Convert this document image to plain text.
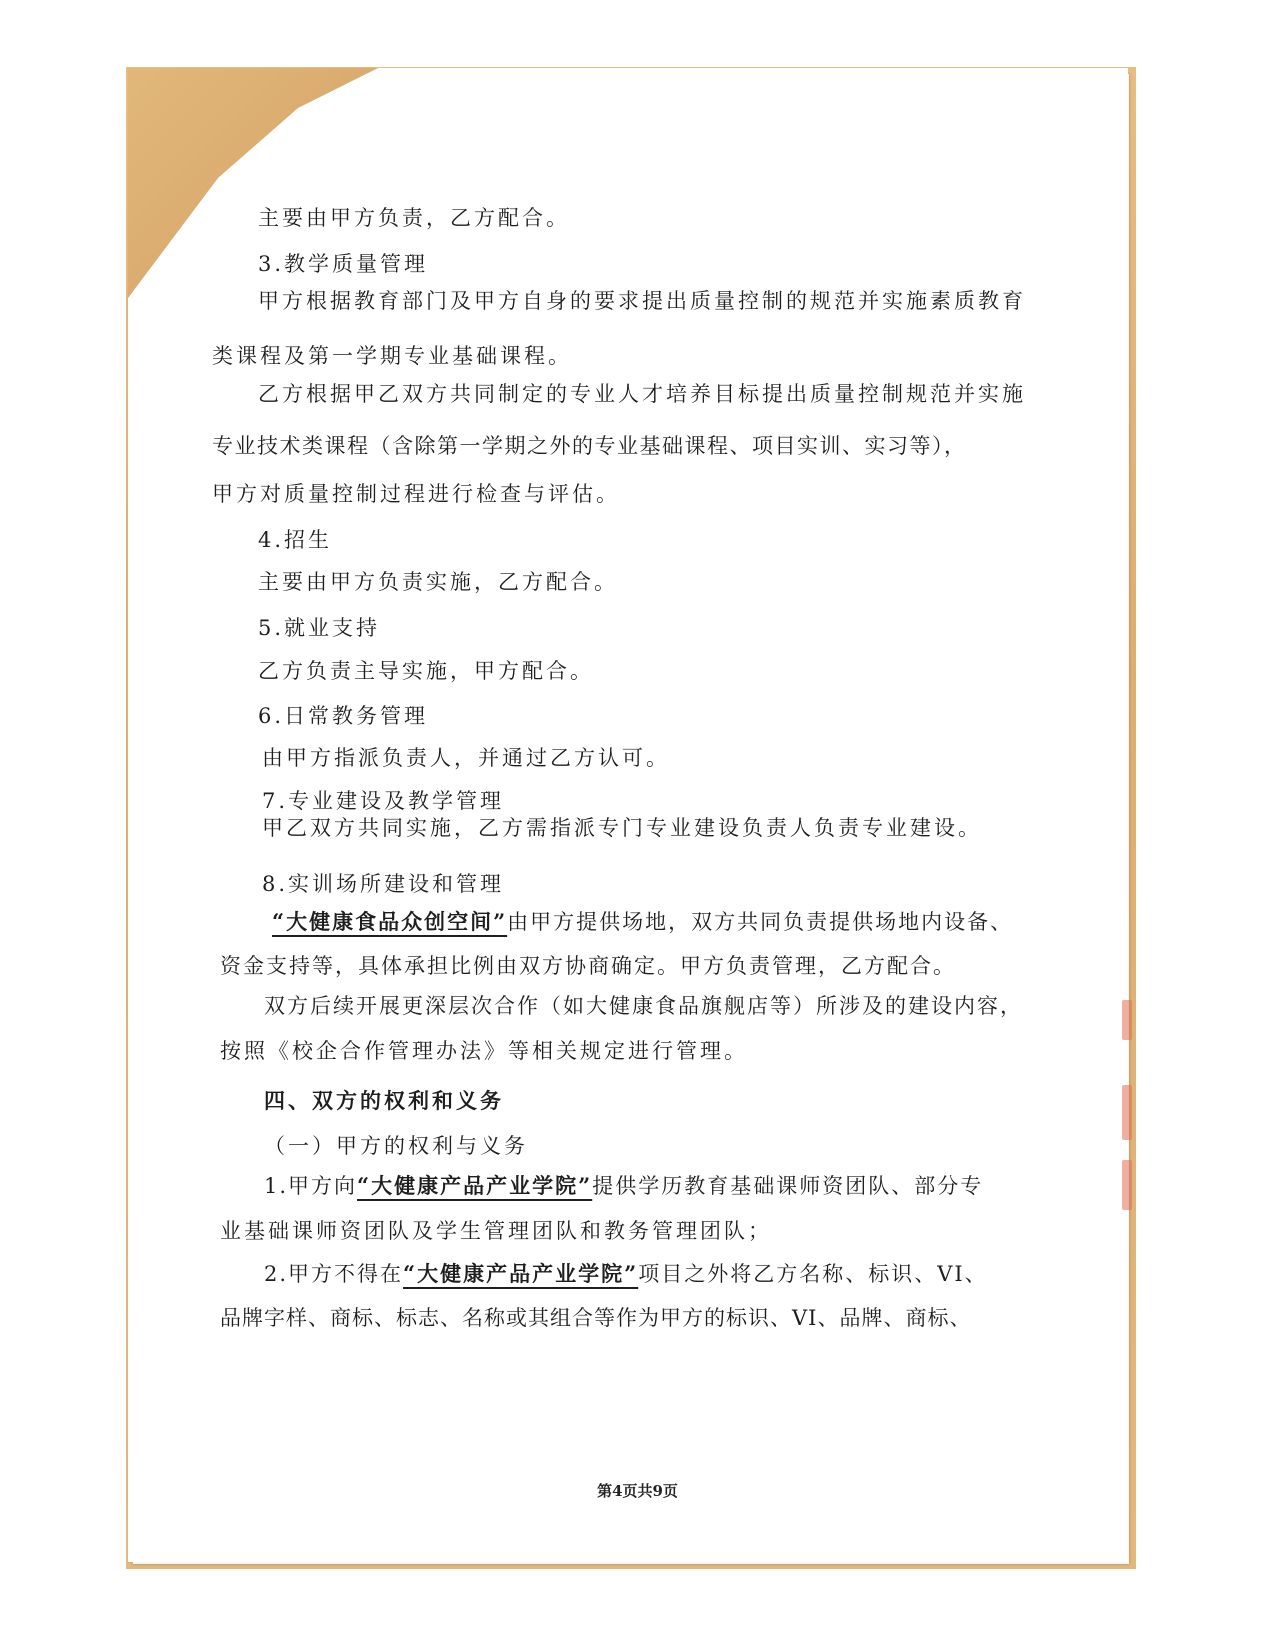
主要由甲方负责，乙方配合。
3.教学质量管理
甲方根据教育部门及甲方自身的要求提出质量控制的规范并实施素质教育
类课程及第一学期专业基础课程。
乙方根据甲乙双方共同制定的专业人才培养目标提出质量控制规范并实施
专业技术类课程（含除第一学期之外的专业基础课程、项目实训、实习等），
甲方对质量控制过程进行检查与评估。
4.招生
主要由甲方负责实施，乙方配合。
5.就业支持
乙方负责主导实施，甲方配合。
6.日常教务管理
由甲方指派负责人，并通过乙方认可。
7.专业建设及教学管理
甲乙双方共同实施，乙方需指派专门专业建设负责人负责专业建设。
8.实训场所建设和管理
“大健康食品众创空间”由甲方提供场地，双方共同负责提供场地内设备、
资金支持等，具体承担比例由双方协商确定。甲方负责管理，乙方配合。
双方后续开展更深层次合作（如大健康食品旗舰店等）所涉及的建设内容，
按照《校企合作管理办法》等相关规定进行管理。
四、双方的权利和义务
（一）甲方的权利与义务
1.甲方向“大健康产品产业学院”提供学历教育基础课师资团队、部分专
业基础课师资团队及学生管理团队和教务管理团队；
2.甲方不得在“大健康产品产业学院”项目之外将乙方名称、标识、VI、
品牌字样、商标、标志、名称或其组合等作为甲方的标识、VI、品牌、商标、
第4页共9页
